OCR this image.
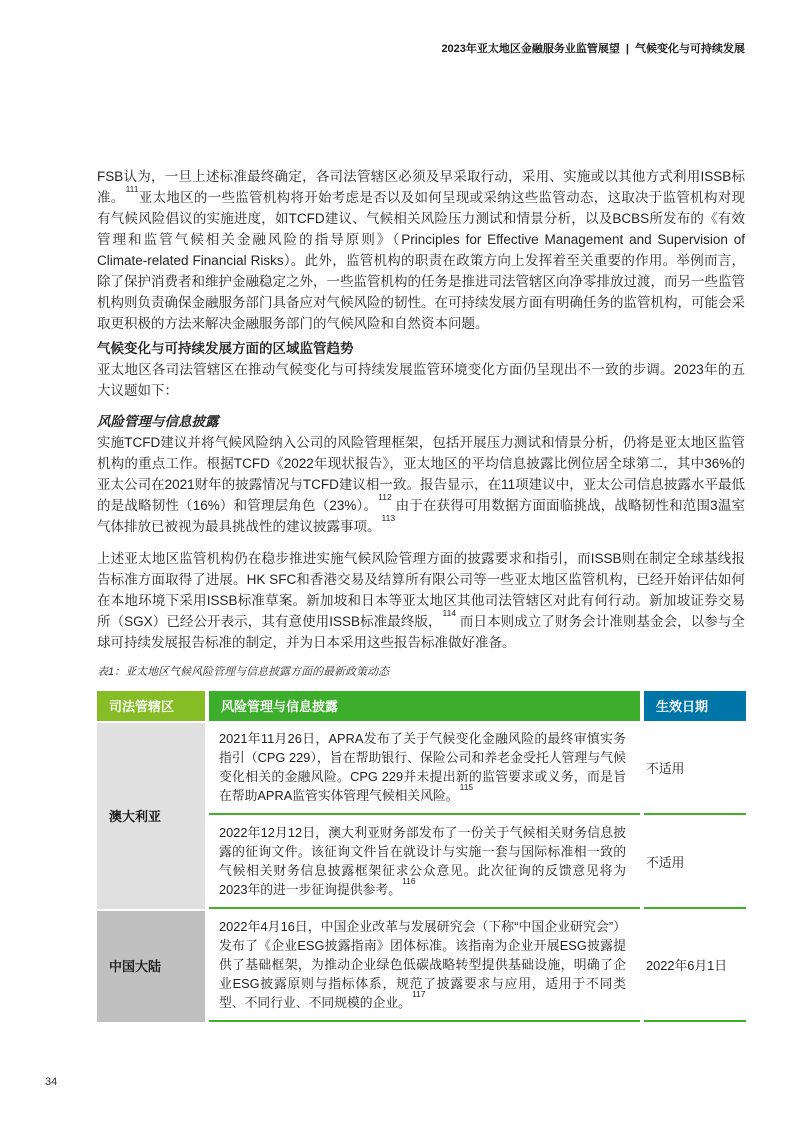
2023年亚太地区金融服务业监管展望 | 气候变化与可持续发展

FSB认为，一旦上述标准最终确定，各司法管辖区必须及早采取行动，采用、实施或以其他方式利用ISSB标准。$^{111}$亚太地区的一些监管机构将开始考虑是否以及如何呈现或采纳这些监管动态，这取决于监管机构对现有气候风险倡议的实施进度，如TCFD建议、气候相关风险压力测试和情景分析，以及BCBS所发布的《有效管理和监管气候相关金融风险的指导原则》（Principles for Effective Management and Supervision of Climate-related Financial Risks）。此外，监管机构的职责在政策方向上发挥着至关重要的作用。举例而言，除了保护消费者和维护金融稳定之外，一些监管机构的任务是推进司法管辖区向净零排放过渡，而另一些监管机构则负责确保金融服务部门具备应对气候风险的韧性。在可持续发展方面有明确任务的监管机构，可能会采取更积极的方法来解决金融服务部门的气候风险和自然资本问题。

气候变化与可持续发展方面的区域监管趋势

亚太地区各司法管辖区在推动气候变化与可持续发展监管环境变化方面仍呈现出不一致的步调。2023年的五大议题如下：

风险管理与信息披露

实施TCFD建议并将气候风险纳入公司的风险管理框架，包括开展压力测试和情景分析，仍将是亚太地区监管机构的重点工作。根据TCFD《2022年现状报告》，亚太地区的平均信息披露比例位居全球第二，其中36%的亚太公司在2021财年的披露情况与TCFD建议相一致。报告显示，在11项建议中，亚太公司信息披露水平最低的是战略韧性（16%）和管理层角色（23%）。$^{112}$ 由于在获得可用数据方面面临挑战，战略韧性和范围3温室气体排放已被视为最具挑战性的建议披露事项。$^{113}$

上述亚太地区监管机构仍在稳步推进实施气候风险管理方面的披露要求和指引，而ISSB则在制定全球基线报告标准方面取得了进展。HK SFC和香港交易及结算所有限公司等一些亚太地区监管机构，已经开始评估如何在本地环境下采用ISSB标准草案。新加坡和日本等亚太地区其他司法管辖区对此有何行动。新加坡证券交易所（SGX）已经公开表示，其有意使用ISSB标准最终版，$^{114}$ 而日本则成立了财务会计准则基金会，以参与全球可持续发展报告标准的制定，并为日本采用这些报告标准做好准备。

表1：亚太地区气候风险管理与信息披露方面的最新政策动态

司法管辖区	风险管理与信息披露	生效日期
澳大利亚
2021年11月26日，APRA发布了关于气候变化金融风险的最终审慎实务指引（CPG 229），旨在帮助银行、保险公司和养老金受托人管理与气候变化相关的金融风险。CPG 229并未提出新的监管要求或义务，而是旨在帮助APRA监管实体管理气候相关风险。$^{115}$
不适用
2022年12月12日，澳大利亚财务部发布了一份关于气候相关财务信息披露的征询文件。该征询文件旨在就设计与实施一套与国际标准相一致的气候相关财务信息披露框架征求公众意见。此次征询的反馈意见将为2023年的进一步征询提供参考。$^{116}$
不适用
中国大陆
2022年4月16日，中国企业改革与发展研究会（下称“中国企业研究会”）发布了《企业ESG披露指南》团体标准。该指南为企业开展ESG披露提供了基础框架，为推动企业绿色低碳战略转型提供基础设施，明确了企业ESG披露原则与指标体系，规范了披露要求与应用，适用于不同类型、不同行业、不同规模的企业。$^{117}$
2022年6月1日
34
